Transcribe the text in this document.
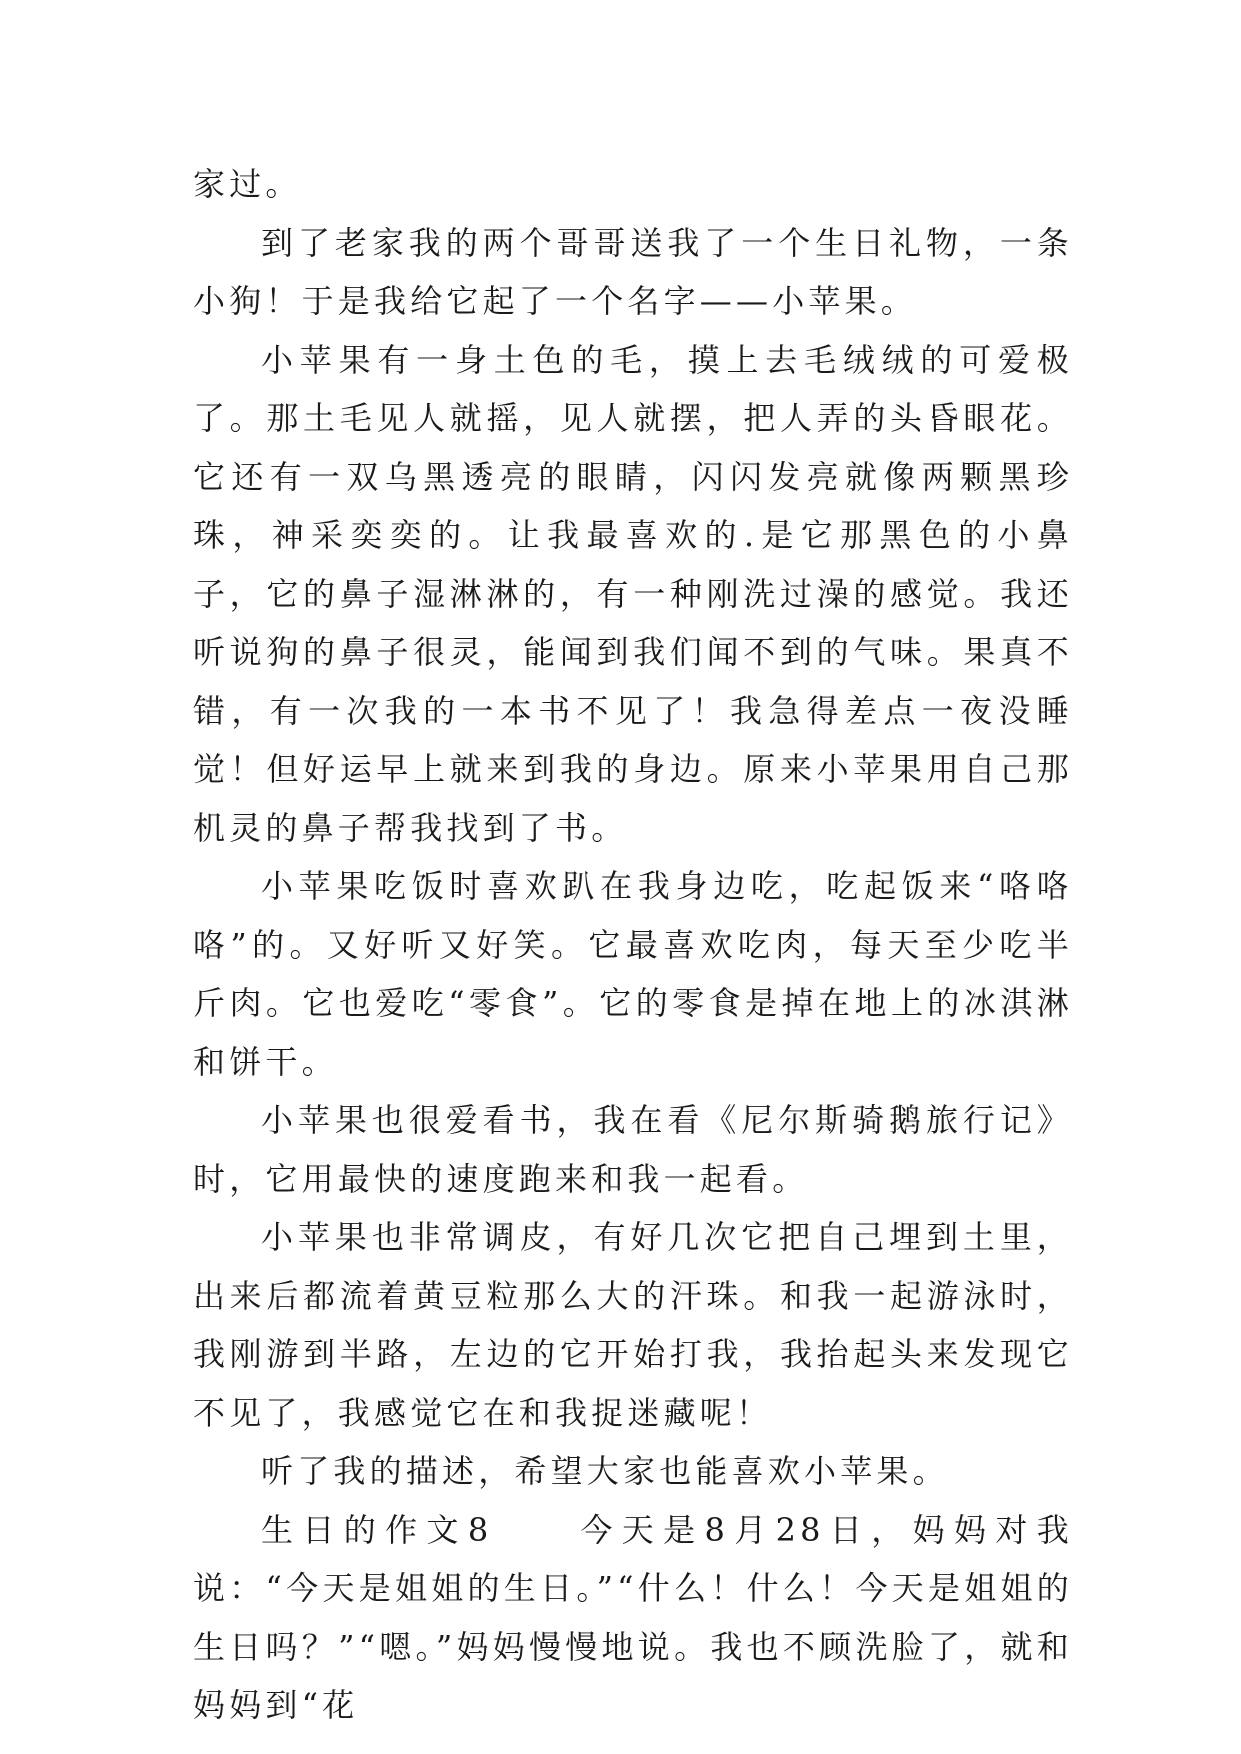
家过。

到了老家我的两个哥哥送我了一个生日礼物，一条小狗！于是我给它起了一个名字——小苹果。

小苹果有一身土色的毛，摸上去毛绒绒的可爱极了。那土毛见人就摇，见人就摆，把人弄的头昏眼花。它还有一双乌黑透亮的眼睛，闪闪发亮就像两颗黑珍珠，神采奕奕的。让我最喜欢的.是它那黑色的小鼻子，它的鼻子湿淋淋的，有一种刚洗过澡的感觉。我还听说狗的鼻子很灵，能闻到我们闻不到的气味。果真不错，有一次我的一本书不见了！我急得差点一夜没睡觉！但好运早上就来到我的身边。原来小苹果用自己那机灵的鼻子帮我找到了书。

小苹果吃饭时喜欢趴在我身边吃，吃起饭来“咯咯咯”的。又好听又好笑。它最喜欢吃肉，每天至少吃半斤肉。它也爱吃“零食”。它的零食是掉在地上的冰淇淋和饼干。

小苹果也很爱看书，我在看《尼尔斯骑鹅旅行记》时，它用最快的速度跑来和我一起看。

小苹果也非常调皮，有好几次它把自己埋到土里，出来后都流着黄豆粒那么大的汗珠。和我一起游泳时，我刚游到半路，左边的它开始打我，我抬起头来发现它不见了，我感觉它在和我捉迷藏呢！

听了我的描述，希望大家也能喜欢小苹果。

生日的作文8　　今天是8月28日，妈妈对我说：“今天是姐姐的生日。”“什么！什么！今天是姐姐的生日吗？”“嗯。”妈妈慢慢地说。我也不顾洗脸了，就和妈妈到“花
